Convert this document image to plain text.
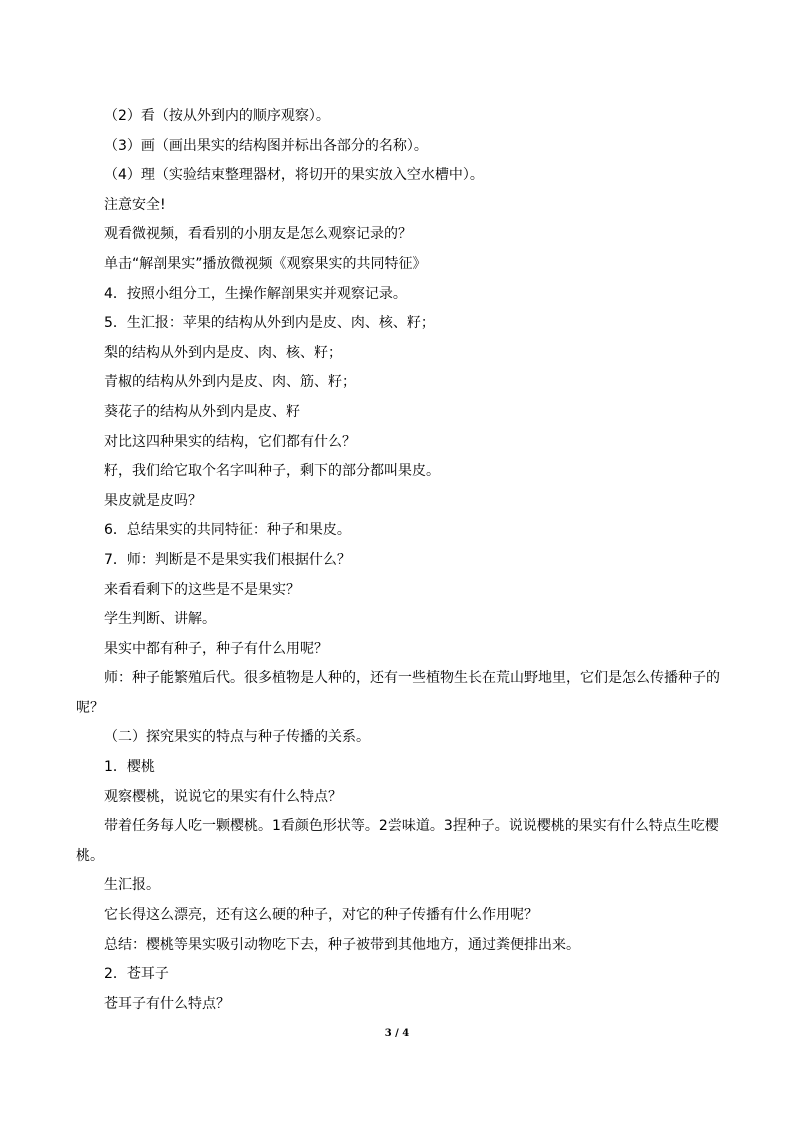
（2）看（按从外到内的顺序观察）。

（3）画（画出果实的结构图并标出各部分的名称）。

（4）理（实验结束整理器材，将切开的果实放入空水槽中）。

注意安全!

观看微视频，看看别的小朋友是怎么观察记录的？

单击“解剖果实”播放微视频《观察果实的共同特征》

4．按照小组分工，生操作解剖果实并观察记录。

5．生汇报：苹果的结构从外到内是皮、肉、核、籽；

梨的结构从外到内是皮、肉、核、籽；

青椒的结构从外到内是皮、肉、筋、籽；

葵花子的结构从外到内是皮、籽

对比这四种果实的结构，它们都有什么？

籽，我们给它取个名字叫种子，剩下的部分都叫果皮。

果皮就是皮吗？

6．总结果实的共同特征：种子和果皮。

7．师：判断是不是果实我们根据什么？

来看看剩下的这些是不是果实？

学生判断、讲解。

果实中都有种子，种子有什么用呢？

师：种子能繁殖后代。很多植物是人种的，还有一些植物生长在荒山野地里，它们是怎么传播种子的呢？

（二）探究果实的特点与种子传播的关系。

1．樱桃

观察樱桃，说说它的果实有什么特点？

带着任务每人吃一颗樱桃。1看颜色形状等。2尝味道。3捏种子。说说樱桃的果实有什么特点生吃樱桃。

生汇报。

它长得这么漂亮，还有这么硬的种子，对它的种子传播有什么作用呢？

总结：樱桃等果实吸引动物吃下去，种子被带到其他地方，通过粪便排出来。

2．苍耳子

苍耳子有什么特点？

3 / 4
